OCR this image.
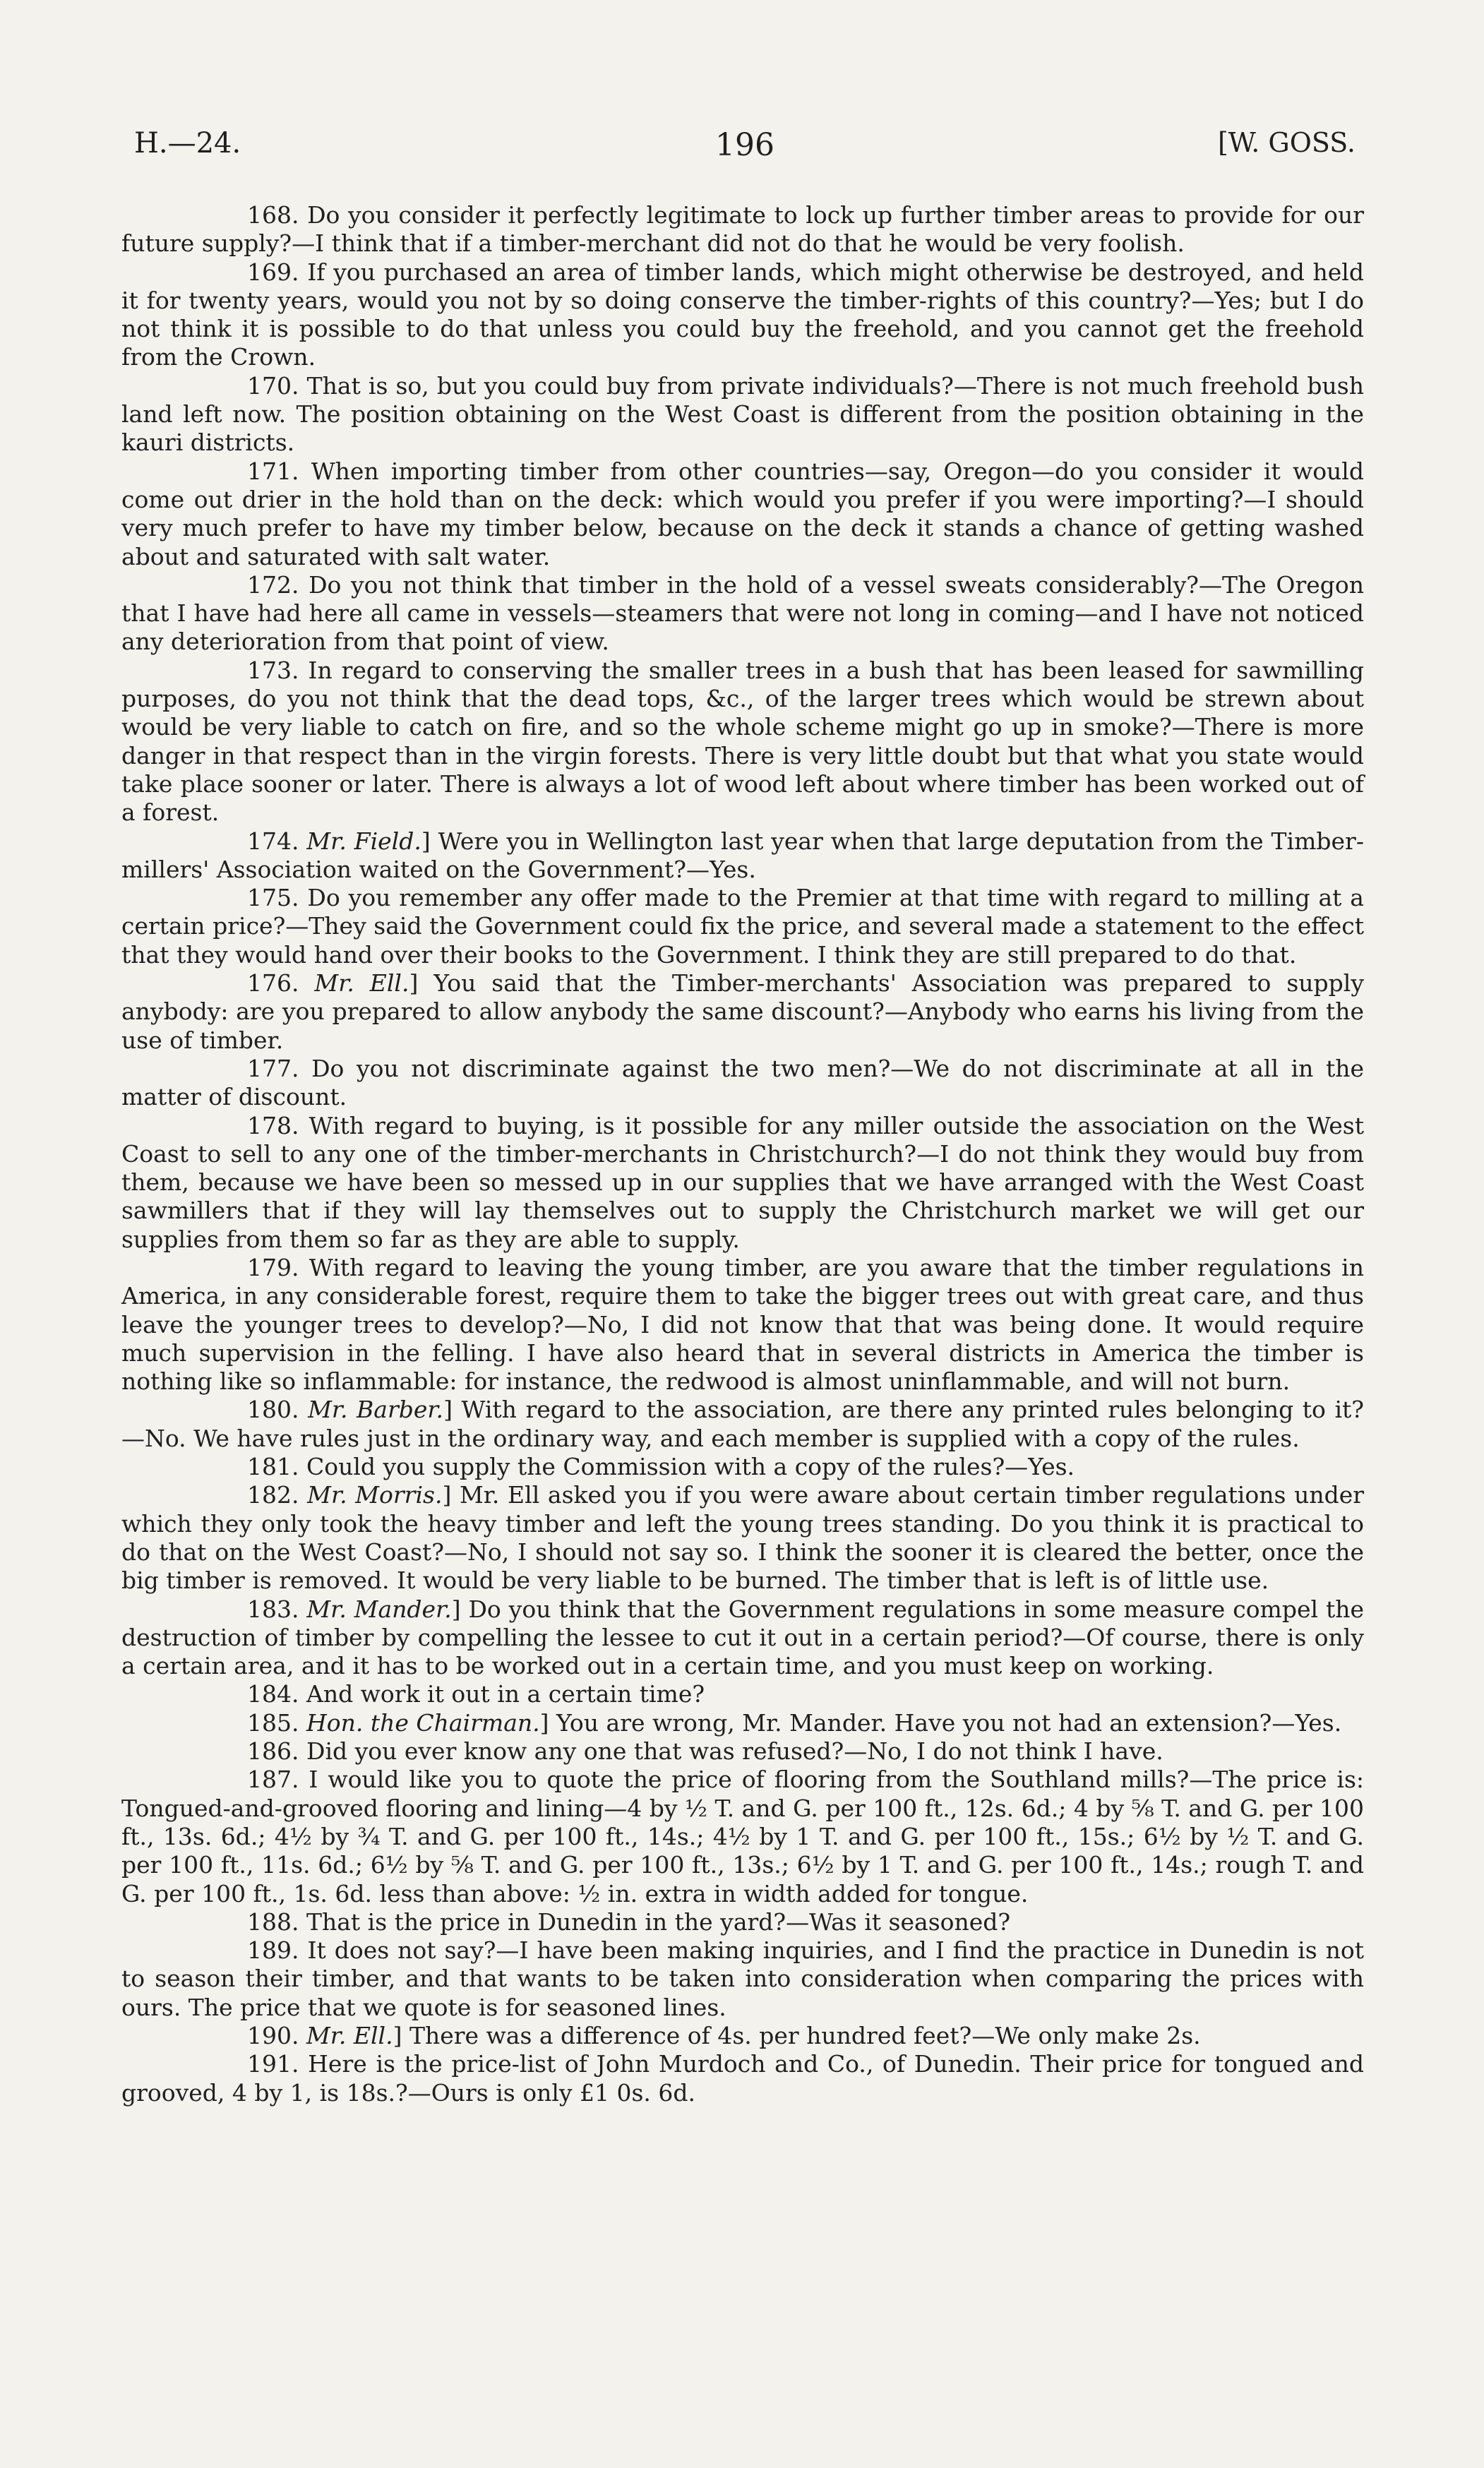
H.—24.	196	[W. GOSS.

168. Do you consider it perfectly legitimate to lock up further timber areas to provide for our future supply?—I think that if a timber-merchant did not do that he would be very foolish.

169. If you purchased an area of timber lands, which might otherwise be destroyed, and held it for twenty years, would you not by so doing conserve the timber-rights of this country?—Yes; but I do not think it is possible to do that unless you could buy the freehold, and you cannot get the freehold from the Crown.

170. That is so, but you could buy from private individuals?—There is not much freehold bush land left now. The position obtaining on the West Coast is different from the position obtaining in the kauri districts.

171. When importing timber from other countries—say, Oregon—do you consider it would come out drier in the hold than on the deck: which would you prefer if you were importing?—I should very much prefer to have my timber below, because on the deck it stands a chance of getting washed about and saturated with salt water.

172. Do you not think that timber in the hold of a vessel sweats considerably?—The Oregon that I have had here all came in vessels—steamers that were not long in coming—and I have not noticed any deterioration from that point of view.

173. In regard to conserving the smaller trees in a bush that has been leased for sawmilling purposes, do you not think that the dead tops, &c., of the larger trees which would be strewn about would be very liable to catch on fire, and so the whole scheme might go up in smoke?—There is more danger in that respect than in the virgin forests. There is very little doubt but that what you state would take place sooner or later. There is always a lot of wood left about where timber has been worked out of a forest.

174. Mr. Field.] Were you in Wellington last year when that large deputation from the Timber-millers' Association waited on the Government?—Yes.

175. Do you remember any offer made to the Premier at that time with regard to milling at a certain price?—They said the Government could fix the price, and several made a statement to the effect that they would hand over their books to the Government. I think they are still prepared to do that.

176. Mr. Ell.] You said that the Timber-merchants' Association was prepared to supply anybody: are you prepared to allow anybody the same discount?—Anybody who earns his living from the use of timber.

177. Do you not discriminate against the two men?—We do not discriminate at all in the matter of discount.

178. With regard to buying, is it possible for any miller outside the association on the West Coast to sell to any one of the timber-merchants in Christchurch?—I do not think they would buy from them, because we have been so messed up in our supplies that we have arranged with the West Coast sawmillers that if they will lay themselves out to supply the Christchurch market we will get our supplies from them so far as they are able to supply.

179. With regard to leaving the young timber, are you aware that the timber regulations in America, in any considerable forest, require them to take the bigger trees out with great care, and thus leave the younger trees to develop?—No, I did not know that that was being done. It would require much supervision in the felling. I have also heard that in several districts in America the timber is nothing like so inflammable: for instance, the redwood is almost uninflammable, and will not burn.

180. Mr. Barber.] With regard to the association, are there any printed rules belonging to it?—No. We have rules just in the ordinary way, and each member is supplied with a copy of the rules.

181. Could you supply the Commission with a copy of the rules?—Yes.

182. Mr. Morris.] Mr. Ell asked you if you were aware about certain timber regulations under which they only took the heavy timber and left the young trees standing. Do you think it is practical to do that on the West Coast?—No, I should not say so. I think the sooner it is cleared the better, once the big timber is removed. It would be very liable to be burned. The timber that is left is of little use.

183. Mr. Mander.] Do you think that the Government regulations in some measure compel the destruction of timber by compelling the lessee to cut it out in a certain period?—Of course, there is only a certain area, and it has to be worked out in a certain time, and you must keep on working.

184. And work it out in a certain time?

185. Hon. the Chairman.] You are wrong, Mr. Mander. Have you not had an extension?—Yes.

186. Did you ever know any one that was refused?—No, I do not think I have.

187. I would like you to quote the price of flooring from the Southland mills?—The price is: Tongued-and-grooved flooring and lining—4 by ½ T. and G. per 100 ft., 12s. 6d.; 4 by ⅝ T. and G. per 100 ft., 13s. 6d.; 4½ by ¾ T. and G. per 100 ft., 14s.; 4½ by 1 T. and G. per 100 ft., 15s.; 6½ by ½ T. and G. per 100 ft., 11s. 6d.; 6½ by ⅝ T. and G. per 100 ft., 13s.; 6½ by 1 T. and G. per 100 ft., 14s.; rough T. and G. per 100 ft., 1s. 6d. less than above: ½ in. extra in width added for tongue.

188. That is the price in Dunedin in the yard?—Was it seasoned?

189. It does not say?—I have been making inquiries, and I find the practice in Dunedin is not to season their timber, and that wants to be taken into consideration when comparing the prices with ours. The price that we quote is for seasoned lines.

190. Mr. Ell.] There was a difference of 4s. per hundred feet?—We only make 2s.

191. Here is the price-list of John Murdoch and Co., of Dunedin. Their price for tongued and grooved, 4 by 1, is 18s.?—Ours is only £1 0s. 6d.
